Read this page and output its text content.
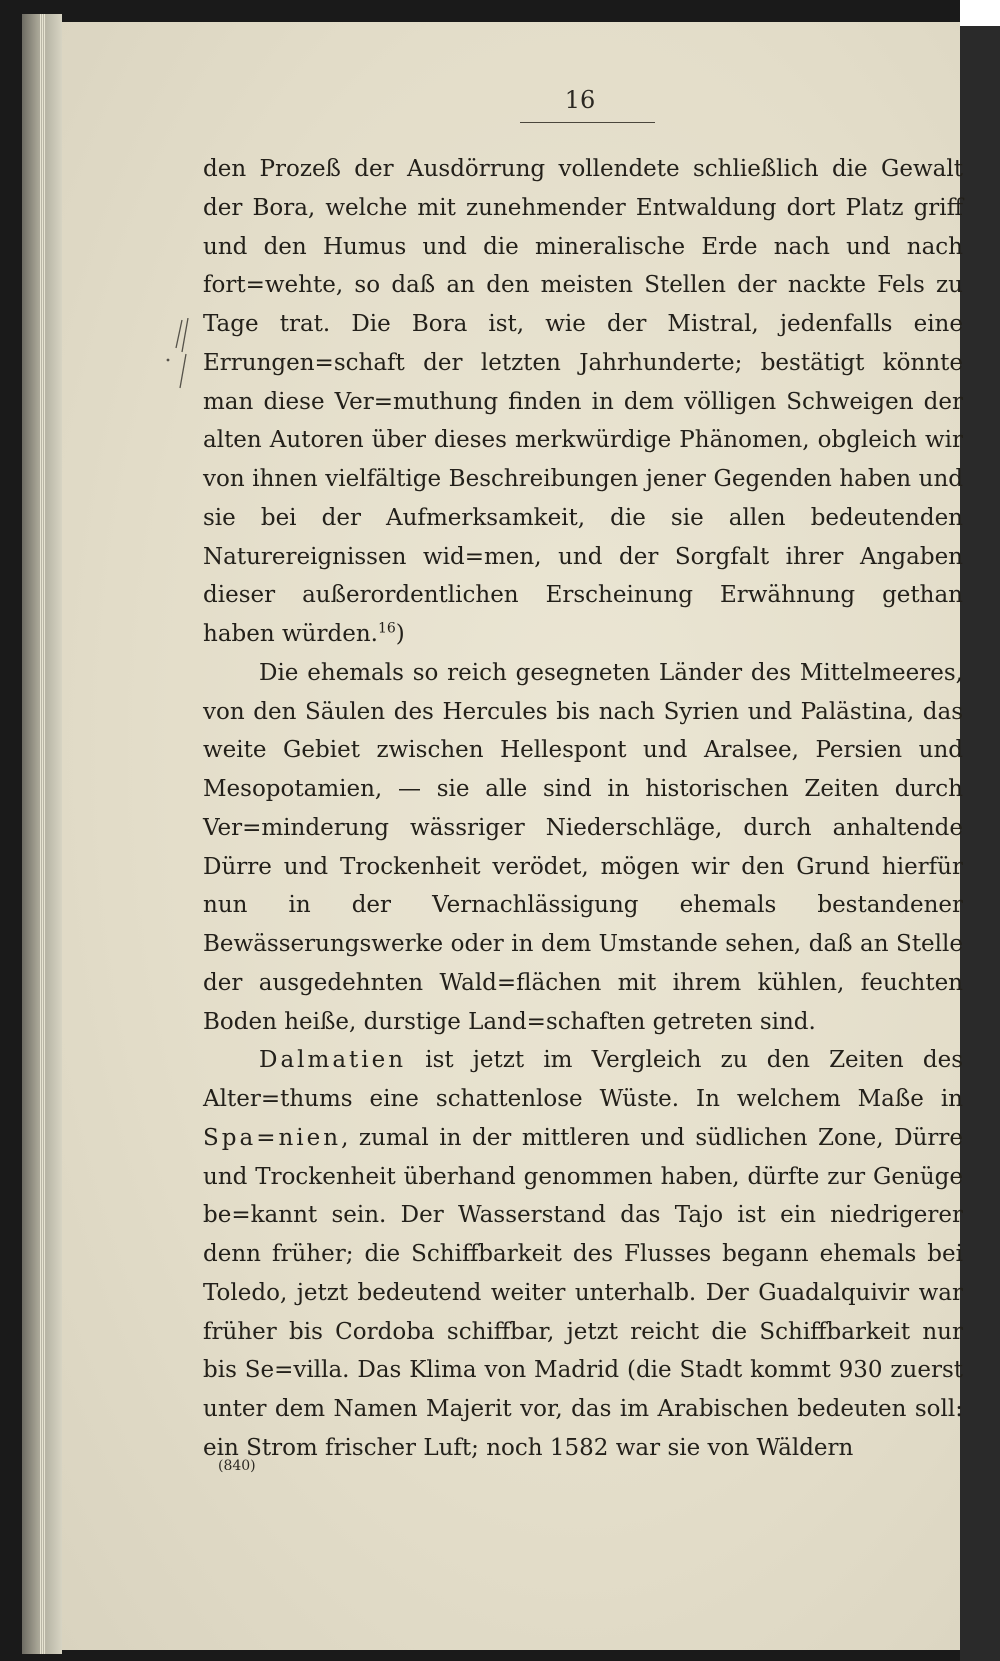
16

den Prozeß der Ausdörrung vollendete schließlich die Gewalt der Bora, welche mit zunehmender Entwaldung dort Platz griff und den Humus und die mineralische Erde nach und nach fort=wehte, so daß an den meisten Stellen der nackte Fels zu Tage trat. Die Bora ist, wie der Mistral, jedenfalls eine Errungen=schaft der letzten Jahrhunderte; bestätigt könnte man diese Ver=muthung finden in dem völligen Schweigen der alten Autoren über dieses merkwürdige Phänomen, obgleich wir von ihnen vielfältige Beschreibungen jener Gegenden haben und sie bei der Aufmerksamkeit, die sie allen bedeutenden Naturereignissen wid=men, und der Sorgfalt ihrer Angaben dieser außerordentlichen Erscheinung Erwähnung gethan haben würden.$^{16}$)

Die ehemals so reich gesegneten Länder des Mittelmeeres, von den Säulen des Hercules bis nach Syrien und Palästina, das weite Gebiet zwischen Hellespont und Aralsee, Persien und Mesopotamien, — sie alle sind in historischen Zeiten durch Ver=minderung wässriger Niederschläge, durch anhaltende Dürre und Trockenheit verödet, mögen wir den Grund hierfür nun in der Vernachlässigung ehemals bestandener Bewässerungswerke oder in dem Umstande sehen, daß an Stelle der ausgedehnten Wald=flächen mit ihrem kühlen, feuchten Boden heiße, durstige Land=schaften getreten sind.

Dalmatien ist jetzt im Vergleich zu den Zeiten des Alter=thums eine schattenlose Wüste. In welchem Maße in Spa=nien, zumal in der mittleren und südlichen Zone, Dürre und Trockenheit überhand genommen haben, dürfte zur Genüge be=kannt sein. Der Wasserstand das Tajo ist ein niedrigerer denn früher; die Schiffbarkeit des Flusses begann ehemals bei Toledo, jetzt bedeutend weiter unterhalb. Der Guadalquivir war früher bis Cordoba schiffbar, jetzt reicht die Schiffbarkeit nur bis Se=villa. Das Klima von Madrid (die Stadt kommt 930 zuerst unter dem Namen Majerit vor, das im Arabischen bedeuten soll: ein Strom frischer Luft; noch 1582 war sie von Wäldern

(840)
